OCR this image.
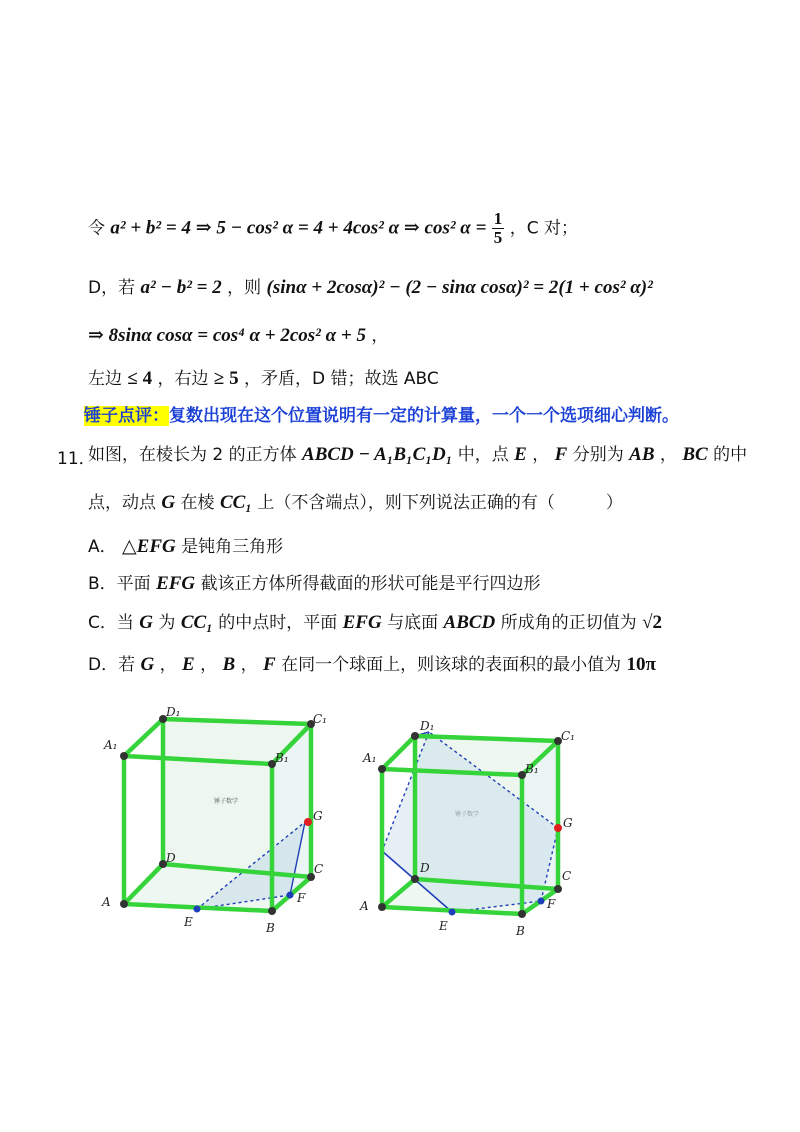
令 a² + b² = 4 ⇒ 5 − cos² α = 4 + 4cos² α ⇒ cos² $\alpha = \frac{1}{5}$ ，C 对；
D，若 a² − b² = 2 ，则 (sinα + 2cosα)² − (2 − sinα cosα)² = 2(1 + cos² α)²
⇒ 8sinα cosα = cos⁴ α + 2cos² α + 5 ，
左边 ≤ 4 ，右边 ≥ 5 ，矛盾，D 错；故选 ABC
锤子点评：复数出现在这个位置说明有一定的计算量，一个一个选项细心判断。
11．
如图，在棱长为 2 的正方体 ABCD − A₁B₁C₁D₁ 中，点 E ， F 分别为 AB ， BC 的中
点，动点 G 在棱 CC₁ 上（不含端点），则下列说法正确的有（　　　）
A． △EFG 是钝角三角形
B．平面 EFG 截该正方体所得截面的形状可能是平行四边形
C．当 G 为 CC₁ 的中点时，平面 EFG 与底面 ABCD 所成角的正切值为 √2
D．若 G ， E ， B ， F 在同一个球面上，则该球的表面积的最小值为 10π
锤子数学
A
B
C
D
A₁
B₁
C₁
D₁
E
F
G	锤子数学
A
B
C
D
A₁
B₁
C₁
D₁
E
F
G
